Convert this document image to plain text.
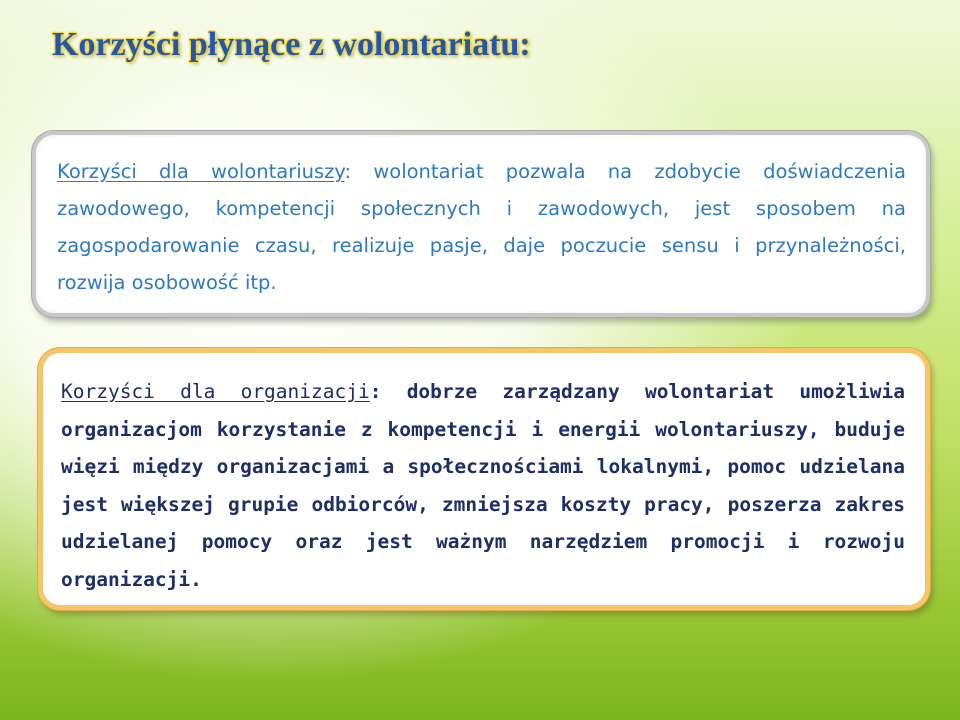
Korzyści płynące z wolontariatu:

Korzyści dla wolontariuszy: wolontariat pozwala na zdobycie doświadczenia zawodowego, kompetencji społecznych i zawodowych, jest sposobem na zagospodarowanie czasu, realizuje pasje, daje poczucie sensu i przynależności, rozwija osobowość itp.

Korzyści dla organizacji: dobrze zarządzany wolontariat umożliwia organizacjom korzystanie z kompetencji i energii wolontariuszy, buduje więzi między organizacjami a społecznościami lokalnymi, pomoc udzielana jest większej grupie odbiorców, zmniejsza koszty pracy, poszerza zakres udzielanej pomocy oraz jest ważnym narzędziem promocji i rozwoju organizacji.
